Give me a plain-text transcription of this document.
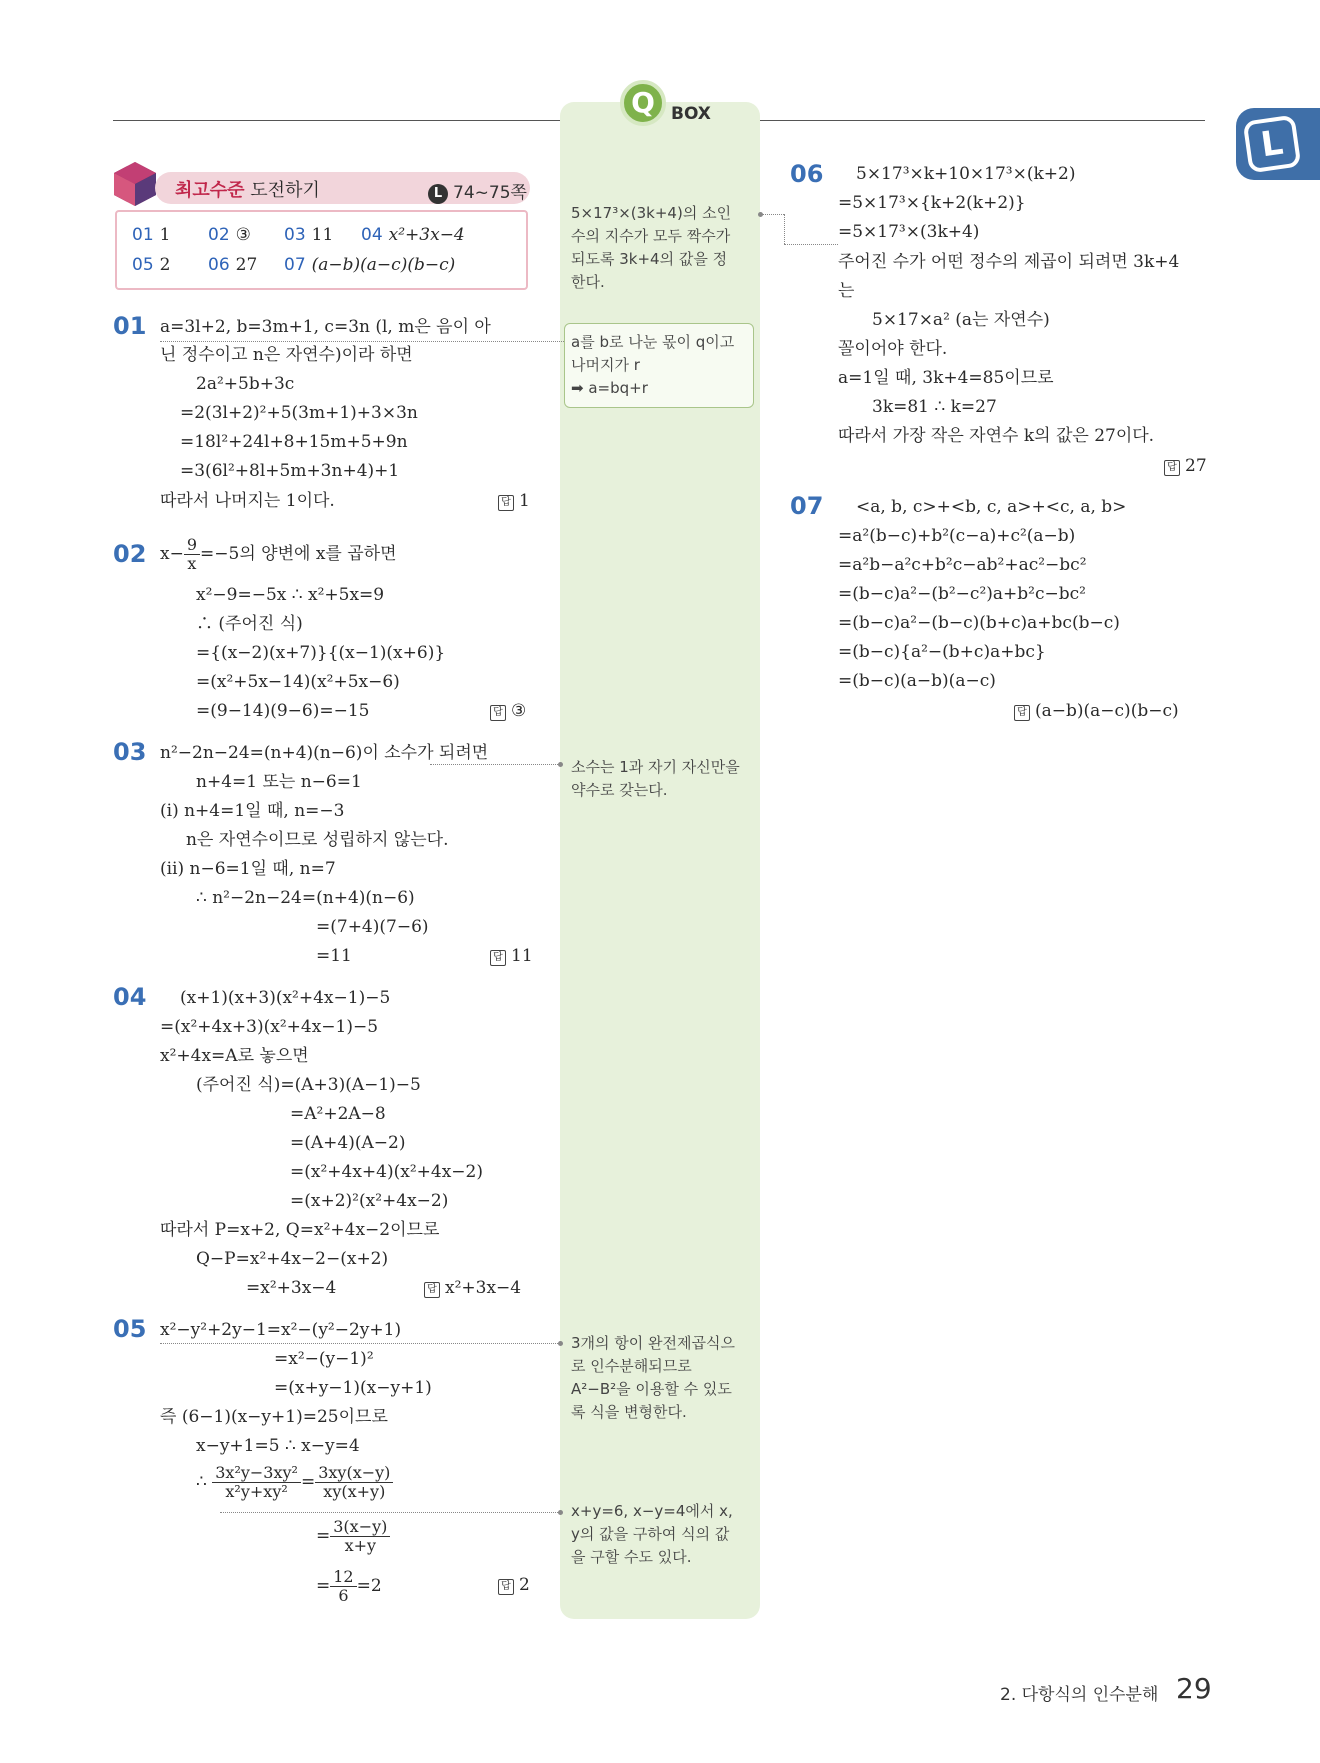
Q BOX
L
최고수준 도전하기	L 74~75쪽
01 1 02 ③ 03 11 04 x²+3x−4
05 2 06 27 07 (a−b)(a−c)(b−c)
01 a=3l+2, b=3m+1, c=3n (l, m은 음이 아
닌 정수이고 n은 자연수)이라 하면
2a²+5b+3c
=2(3l+2)²+5(3m+1)+3×3n
=18l²+24l+8+15m+5+9n
=3(6l²+8l+5m+3n+4)+1
따라서 나머지는 1이다.	답 1
02 $x- \frac{9}{x} =-5$의 양변에 x를 곱하면
x²−9=−5x ∴ x²+5x=9
∴ (주어진 식)
={(x−2)(x+7)}{(x−1)(x+6)}
=(x²+5x−14)(x²+5x−6)
=(9−14)(9−6)=−15	답 ③
03 n²−2n−24=(n+4)(n−6)이 소수가 되려면
n+4=1 또는 n−6=1
(ⅰ) n+4=1일 때, n=−3
n은 자연수이므로 성립하지 않는다.
(ⅱ) n−6=1일 때, n=7
∴ n²−2n−24=(n+4)(n−6)
=(7+4)(7−6)
=11	답 11
04 (x+1)(x+3)(x²+4x−1)−5
=(x²+4x+3)(x²+4x−1)−5
x²+4x=A로 놓으면
(주어진 식)=(A+3)(A−1)−5
=A²+2A−8
=(A+4)(A−2)
=(x²+4x+4)(x²+4x−2)
=(x+2)²(x²+4x−2)
따라서 P=x+2, Q=x²+4x−2이므로
Q−P=x²+4x−2−(x+2)
=x²+3x−4	답 x²+3x−4
05 x²−y²+2y−1=x²−(y²−2y+1)
=x²−(y−1)²
=(x+y−1)(x−y+1)
즉 (6−1)(x−y+1)=25이므로
x−y+1=5 ∴ x−y=4
∴ $\frac{\text{3x²y−3xy²}}{\text{x²y+xy²}} = \frac{3xy(x-y)}{xy(x+y)}$
= $\frac{3(x-y)}{x+y}$
= $\frac{12}{6} =2$	답 2
06 5×17³×k+10×17³×(k+2)
=5×17³×{k+2(k+2)}
=5×17³×(3k+4)
주어진 수가 어떤 정수의 제곱이 되려면 3k+4
는
5×17×a² (a는 자연수)
꼴이어야 한다.
a=1일 때, 3k+4=85이므로
3k=81 ∴ k=27
따라서 가장 작은 자연수 k의 값은 27이다.
답 27
07 <a, b, c>+<b, c, a>+<c, a, b>
=a²(b−c)+b²(c−a)+c²(a−b)
=a²b−a²c+b²c−ab²+ac²−bc²
=(b−c)a²−(b²−c²)a+b²c−bc²
=(b−c)a²−(b−c)(b+c)a+bc(b−c)
=(b−c){a²−(b+c)a+bc}
=(b−c)(a−b)(a−c)
답 (a−b)(a−c)(b−c)
5×17³×(3k+4)의 소인
수의 지수가 모두 짝수가
되도록 3k+4의 값을 정
한다.
a를 b로 나눈 몫이 q이고
나머지가 r
➡ a=bq+r
소수는 1과 자기 자신만을
약수로 갖는다.
3개의 항이 완전제곱식으
로 인수분해되므로
A²−B²을 이용할 수 있도
록 식을 변형한다.
x+y=6, x−y=4에서 x,
y의 값을 구하여 식의 값
을 구할 수도 있다.
2. 다항식의 인수분해 29
